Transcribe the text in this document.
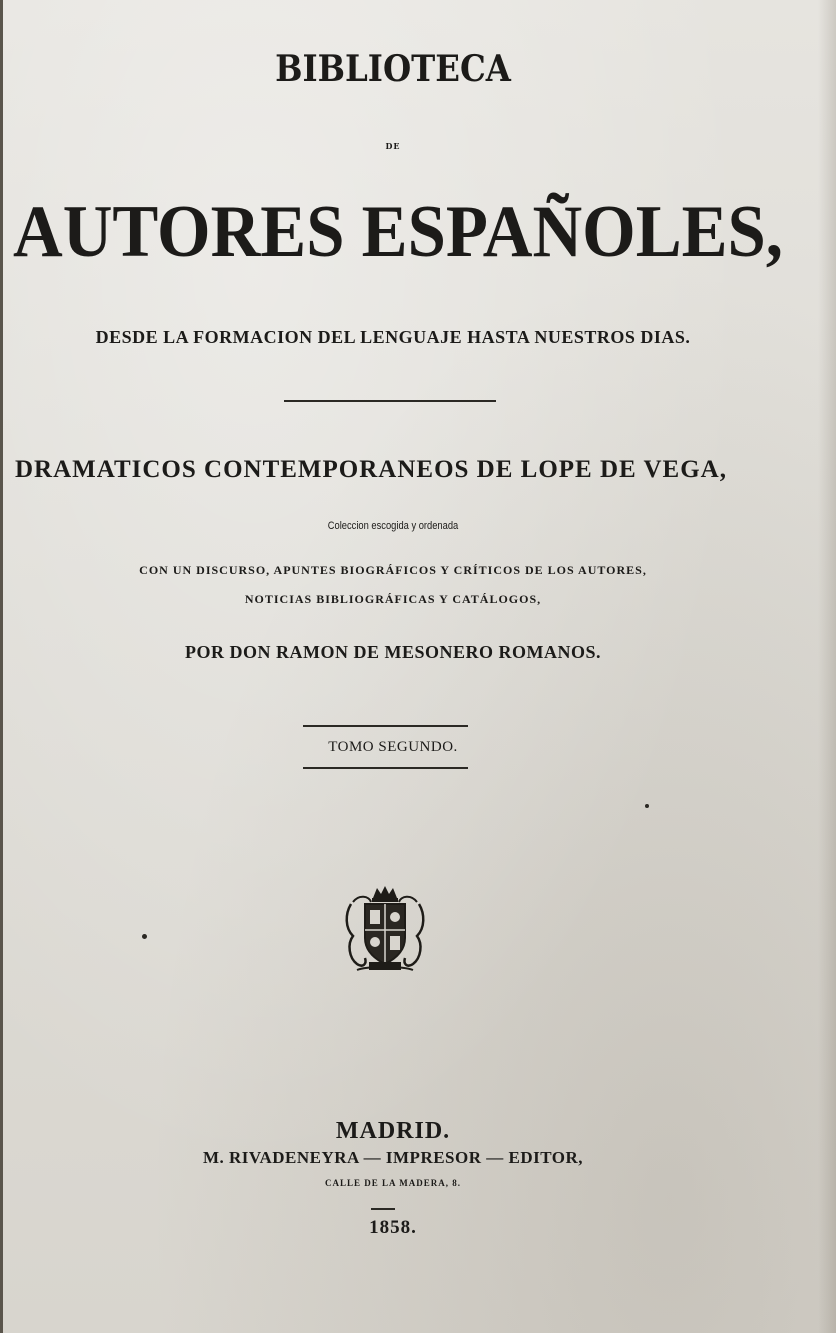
BIBLIOTECA
DE
AUTORES ESPAÑOLES,
DESDE LA FORMACION DEL LENGUAJE HASTA NUESTROS DIAS.
DRAMATICOS CONTEMPORANEOS DE LOPE DE VEGA,
Coleccion escogida y ordenada
CON UN DISCURSO, APUNTES BIOGRÁFICOS Y CRÍTICOS DE LOS AUTORES,
NOTICIAS BIBLIOGRÁFICAS Y CATÁLOGOS,
POR DON RAMON DE MESONERO ROMANOS.
TOMO SEGUNDO.
MADRID.
M. RIVADENEYRA — IMPRESOR — EDITOR,
CALLE DE LA MADERA, 8.
1858.
